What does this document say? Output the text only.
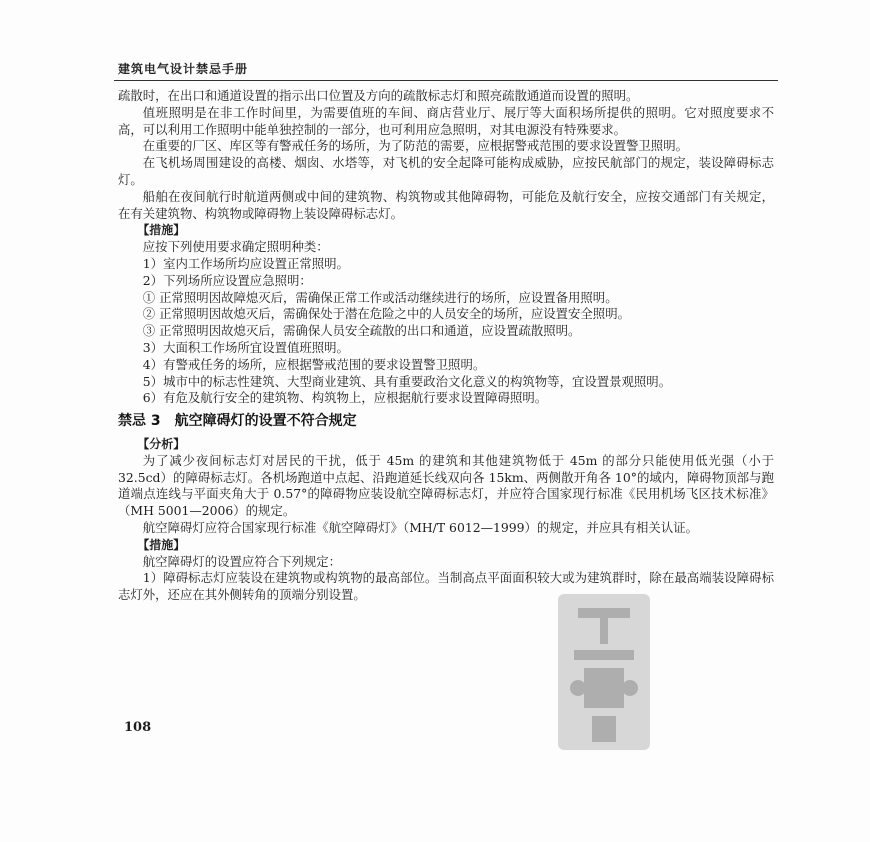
建筑电气设计禁忌手册

疏散时，在出口和通道设置的指示出口位置及方向的疏散标志灯和照亮疏散通道而设置的照明。

值班照明是在非工作时间里，为需要值班的车间、商店营业厅、展厅等大面积场所提供的照明。它对照度要求不高，可以利用工作照明中能单独控制的一部分，也可利用应急照明，对其电源没有特殊要求。

在重要的厂区、库区等有警戒任务的场所，为了防范的需要，应根据警戒范围的要求设置警卫照明。

在飞机场周围建设的高楼、烟囱、水塔等，对飞机的安全起降可能构成威胁，应按民航部门的规定，装设障碍标志灯。

船舶在夜间航行时航道两侧或中间的建筑物、构筑物或其他障碍物，可能危及航行安全，应按交通部门有关规定，在有关建筑物、构筑物或障碍物上装设障碍标志灯。

【措施】

应按下列使用要求确定照明种类：

1）室内工作场所均应设置正常照明。

2）下列场所应设置应急照明：

① 正常照明因故障熄灭后，需确保正常工作或活动继续进行的场所，应设置备用照明。

② 正常照明因故熄灭后，需确保处于潜在危险之中的人员安全的场所，应设置安全照明。

③ 正常照明因故熄灭后，需确保人员安全疏散的出口和通道，应设置疏散照明。

3）大面积工作场所宜设置值班照明。

4）有警戒任务的场所，应根据警戒范围的要求设置警卫照明。

5）城市中的标志性建筑、大型商业建筑、具有重要政治文化意义的构筑物等，宜设置景观照明。

6）有危及航行安全的建筑物、构筑物上，应根据航行要求设置障碍照明。

禁忌 3 航空障碍灯的设置不符合规定

【分析】

为了减少夜间标志灯对居民的干扰，低于 45m 的建筑和其他建筑物低于 45m 的部分只能使用低光强（小于 32.5cd）的障碍标志灯。各机场跑道中点起、沿跑道延长线双向各 15km、两侧散开角各 10°的域内，障碍物顶部与跑道端点连线与平面夹角大于 0.57°的障碍物应装设航空障碍标志灯，并应符合国家现行标准《民用机场飞区技术标准》（MH 5001—2006）的规定。

航空障碍灯应符合国家现行标准《航空障碍灯》（MH/T 6012—1999）的规定，并应具有相关认证。

【措施】

航空障碍灯的设置应符合下列规定：

1）障碍标志灯应装设在建筑物或构筑物的最高部位。当制高点平面面积较大或为建筑群时，除在最高端装设障碍标志灯外，还应在其外侧转角的顶端分别设置。

108
